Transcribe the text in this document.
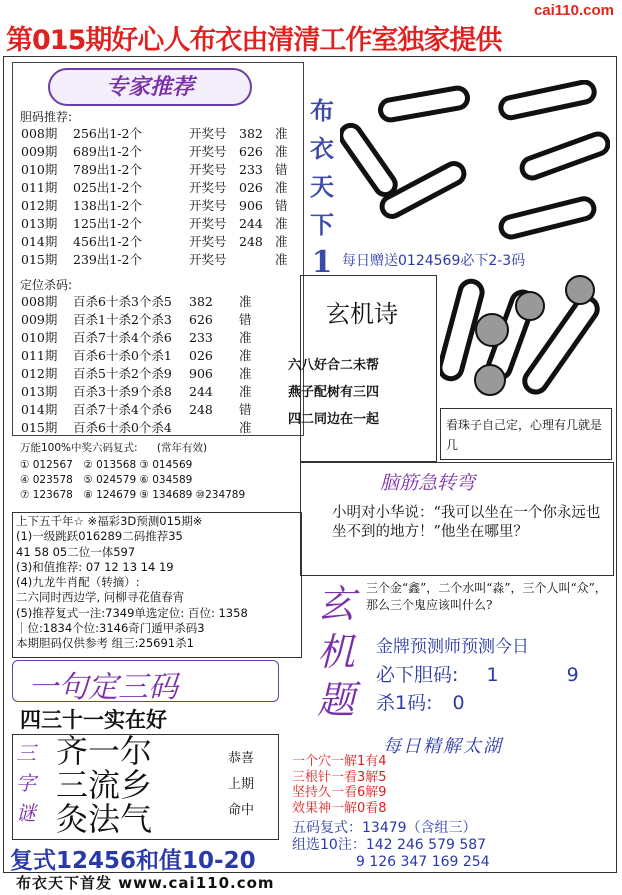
cai110.com
第015期好心人布衣由清清工作室独家提供
专家推荐
胆码推荐:
008期	256出1-2个	开奖号	382	准
009期	689出1-2个	开奖号	626	准
010期	789出1-2个	开奖号	233	错
011期	025出1-2个	开奖号	026	准
012期	138出1-2个	开奖号	906	错
013期	125出1-2个	开奖号	244	准
014期	456出1-2个	开奖号	248	准
015期	239出1-2个	开奖号		准
定位杀码:
008期	百杀6十杀3个杀5	382	准
009期	百杀1十杀2个杀3	626	错
010期	百杀7十杀4个杀6	233	准
011期	百杀6十杀0个杀1	026	准
012期	百杀5十杀2个杀9	906	准
013期	百杀3十杀9个杀8	244	准
014期	百杀7十杀4个杀6	248	错
015期	百杀6十杀0个杀4		准
万能100%中奖六码复式: (常年有效)
① 012567　② 013568 ③ 014569
④ 023578　⑤ 024579 ⑥ 034589
⑦ 123678　⑧ 124679 ⑨ 134689 ⑩234789
布
衣
天
下
1 每日赠送0124569必下2-3码
玄机诗
六八好合二未帮
燕子配树有三四
四二同边在一起	看珠子自己定，心理有几就是几
脑筋急转弯
小明对小华说：“我可以坐在一个你永远也坐不到的地方！”他坐在哪里？
上下五千年☆ ※福彩3D预测015期※
(1)一级跳跃016289二码推荐35
41 58 05二位一体597
(3)和值推荐: 07 12 13 14 19
(4)九龙牛肖配（转摘）:
二六同时西边学, 问柳寻花值春宵
(5)推荐复式一注:7349单选定位: 百位: 1358
｜位:1834个位:3146奇门遁甲杀码3
本期胆码仅供参考 组三:25691杀1
玄机题
三个金“鑫”，二个水叫“淼”，三个人叫“众”，那么三个鬼应该叫什么?
金牌预测师预测今日
必下胆码: 1	9
杀1码: 0
一句定三码
四三十一实在好
三字谜
齐一尔
三流乡
灸法气
恭喜
上期
命中
每日精解太湖
一个穴一解1有4
三根针一看3解5
坚持久一看6解9
效果神一解0看8
五码复式：13479（含组三）
组选10注：142 246 579 587
9 126 347 169 254
复式12456和值10-20
布衣天下首发 www.cai110.com
